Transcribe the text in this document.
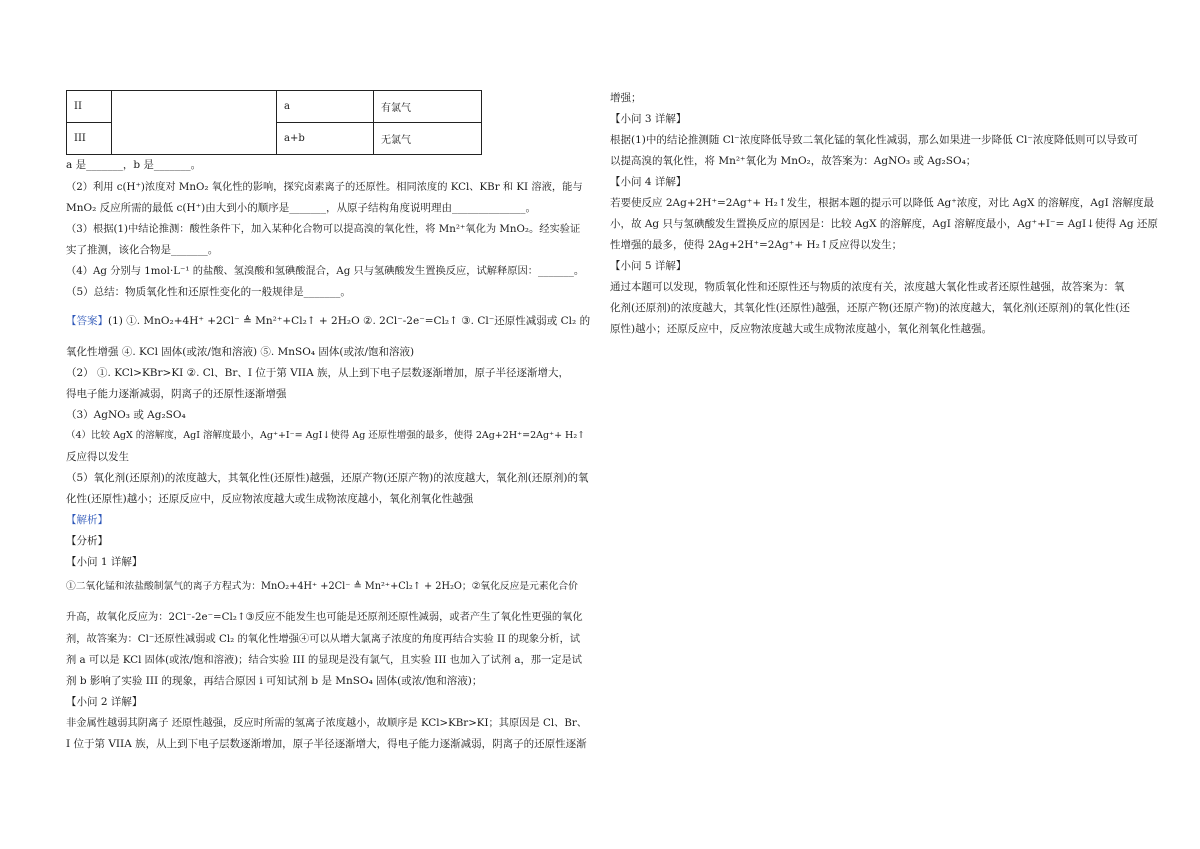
II		a	有氯气
III		a+b	无氯气
a 是_______，b 是_______。
（2）利用 c(H⁺)浓度对 MnO₂ 氧化性的影响，探究卤素离子的还原性。相同浓度的 KCl、KBr 和 KI 溶液，能与
MnO₂ 反应所需的最低 c(H⁺)由大到小的顺序是_______，从原子结构角度说明理由______________。
（3）根据(1)中结论推测：酸性条件下，加入某种化合物可以提高溴的氧化性，将 Mn²⁺氧化为 MnO₂。经实验证
实了推测，该化合物是_______。
（4）Ag 分别与 1mol·L⁻¹ 的盐酸、氢溴酸和氢碘酸混合，Ag 只与氢碘酸发生置换反应，试解释原因：_______。
（5）总结：物质氧化性和还原性变化的一般规律是_______。
【答案】(1) ①. MnO₂+4H⁺ +2Cl⁻ ≜ Mn²⁺+Cl₂↑ + 2H₂O ②. 2Cl⁻-2e⁻=Cl₂↑ ③. Cl⁻还原性减弱或 Cl₂ 的
氧化性增强 ④. KCl 固体(或浓/饱和溶液) ⑤. MnSO₄ 固体(或浓/饱和溶液)
（2） ①. KCl>KBr>KI ②. Cl、Br、I 位于第 VIIA 族，从上到下电子层数逐渐增加，原子半径逐渐增大，
得电子能力逐渐减弱，阴离子的还原性逐渐增强
（3）AgNO₃ 或 Ag₂SO₄
（4）比较 AgX 的溶解度，AgI 溶解度最小，Ag⁺+I⁻= AgI↓使得 Ag 还原性增强的最多，使得 2Ag+2H⁺=2Ag⁺+ H₂↑
反应得以发生
（5）氧化剂(还原剂)的浓度越大，其氧化性(还原性)越强，还原产物(还原产物)的浓度越大，氧化剂(还原剂)的氧
化性(还原性)越小；还原反应中，反应物浓度越大或生成物浓度越小，氧化剂氧化性越强
【解析】
【分析】
【小问 1 详解】
①二氧化锰和浓盐酸制氯气的离子方程式为：MnO₂+4H⁺ +2Cl⁻ ≜ Mn²⁺+Cl₂↑ + 2H₂O；②氧化反应是元素化合价
升高，故氧化反应为：2Cl⁻-2e⁻=Cl₂↑③反应不能发生也可能是还原剂还原性减弱，或者产生了氧化性更强的氧化
剂，故答案为：Cl⁻还原性减弱或 Cl₂ 的氧化性增强④可以从增大氯离子浓度的角度再结合实验 II 的现象分析，试
剂 a 可以是 KCl 固体(或浓/饱和溶液)；结合实验 III 的显现是没有氯气，且实验 III 也加入了试剂 a，那一定是试
剂 b 影响了实验 III 的现象，再结合原因 i 可知试剂 b 是 MnSO₄ 固体(或浓/饱和溶液)；
【小问 2 详解】
非金属性越弱其阴离子 还原性越强，反应时所需的氢离子浓度越小，故顺序是 KCl>KBr>KI；其原因是 Cl、Br、
I 位于第 VIIA 族，从上到下电子层数逐渐增加，原子半径逐渐增大，得电子能力逐渐减弱，阴离子的还原性逐渐
增强；
【小问 3 详解】
根据(1)中的结论推测随 Cl⁻浓度降低导致二氧化锰的氧化性减弱，那么如果进一步降低 Cl⁻浓度降低则可以导致可
以提高溴的氧化性，将 Mn²⁺氧化为 MnO₂，故答案为：AgNO₃ 或 Ag₂SO₄；
【小问 4 详解】
若要使反应 2Ag+2H⁺=2Ag⁺+ H₂↑发生，根据本题的提示可以降低 Ag⁺浓度，对比 AgX 的溶解度，AgI 溶解度最
小，故 Ag 只与氢碘酸发生置换反应的原因是：比较 AgX 的溶解度，AgI 溶解度最小，Ag⁺+I⁻= AgI↓使得 Ag 还原
性增强的最多，使得 2Ag+2H⁺=2Ag⁺+ H₂↑反应得以发生；
【小问 5 详解】
通过本题可以发现，物质氧化性和还原性还与物质的浓度有关，浓度越大氧化性或者还原性越强，故答案为：氧
化剂(还原剂)的浓度越大，其氧化性(还原性)越强，还原产物(还原产物)的浓度越大，氧化剂(还原剂)的氧化性(还
原性)越小；还原反应中，反应物浓度越大或生成物浓度越小，氧化剂氧化性越强。
